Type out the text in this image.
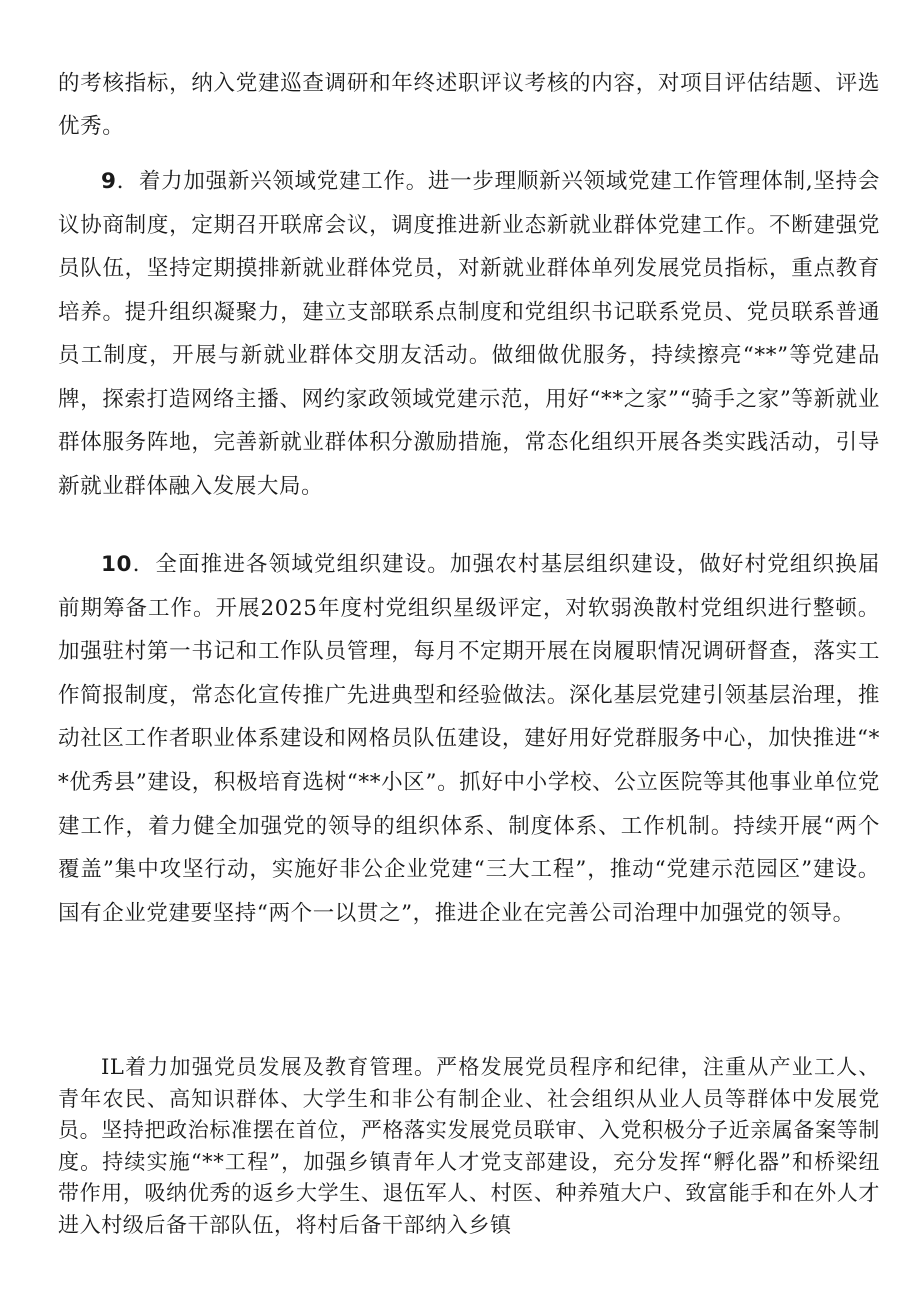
的考核指标，纳入党建巡查调研和年终述职评议考核的内容，对项目评估结题、评选优秀。

9．着力加强新兴领域党建工作。进一步理顺新兴领域党建工作管理体制,坚持会议协商制度，定期召开联席会议，调度推进新业态新就业群体党建工作。不断建强党员队伍，坚持定期摸排新就业群体党员，对新就业群体单列发展党员指标，重点教育培养。提升组织凝聚力，建立支部联系点制度和党组织书记联系党员、党员联系普通员工制度，开展与新就业群体交朋友活动。做细做优服务，持续擦亮“**”等党建品牌，探索打造网络主播、网约家政领域党建示范，用好“**之家”“骑手之家”等新就业群体服务阵地，完善新就业群体积分激励措施，常态化组织开展各类实践活动，引导新就业群体融入发展大局。

10．全面推进各领域党组织建设。加强农村基层组织建设，做好村党组织换届前期筹备工作。开展2025年度村党组织星级评定，对软弱涣散村党组织进行整顿。加强驻村第一书记和工作队员管理，每月不定期开展在岗履职情况调研督查，落实工作简报制度，常态化宣传推广先进典型和经验做法。深化基层党建引领基层治理，推动社区工作者职业体系建设和网格员队伍建设，建好用好党群服务中心，加快推进“**优秀县”建设，积极培育选树“**小区”。抓好中小学校、公立医院等其他事业单位党建工作，着力健全加强党的领导的组织体系、制度体系、工作机制。持续开展“两个覆盖”集中攻坚行动，实施好非公企业党建“三大工程”，推动“党建示范园区”建设。国有企业党建要坚持“两个一以贯之”，推进企业在完善公司治理中加强党的领导。

IL着力加强党员发展及教育管理。严格发展党员程序和纪律，注重从产业工人、青年农民、高知识群体、大学生和非公有制企业、社会组织从业人员等群体中发展党员。坚持把政治标准摆在首位，严格落实发展党员联审、入党积极分子近亲属备案等制度。持续实施“**工程”，加强乡镇青年人才党支部建设，充分发挥“孵化器”和桥梁纽带作用，吸纳优秀的返乡大学生、退伍军人、村医、种养殖大户、致富能手和在外人才进入村级后备干部队伍，将村后备干部纳入乡镇
